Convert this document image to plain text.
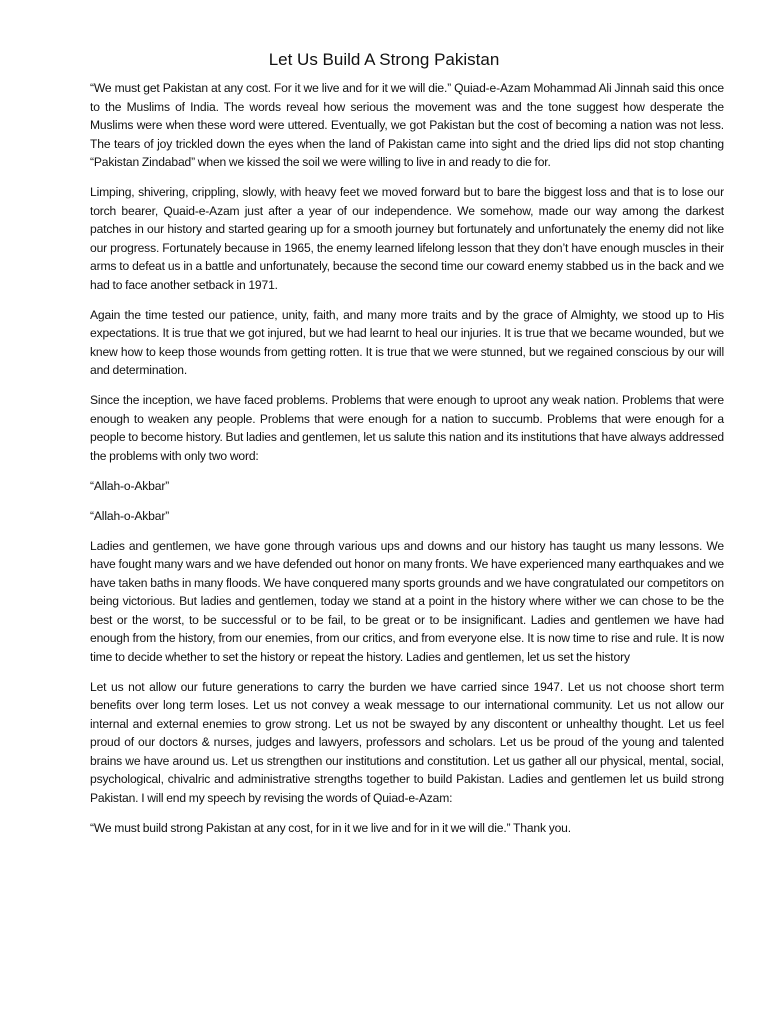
Let Us Build A Strong Pakistan

“We must get Pakistan at any cost. For it we live and for it we will die.” Quiad-e-Azam Mohammad Ali Jinnah said this once to the Muslims of India. The words reveal how serious the movement was and the tone suggest how desperate the Muslims were when these word were uttered. Eventually, we got Pakistan but the cost of becoming a nation was not less. The tears of joy trickled down the eyes when the land of Pakistan came into sight and the dried lips did not stop chanting “Pakistan Zindabad” when we kissed the soil we were willing to live in and ready to die for.

Limping, shivering, crippling, slowly, with heavy feet we moved forward but to bare the biggest loss and that is to lose our torch bearer, Quaid-e-Azam just after a year of our independence. We somehow, made our way among the darkest patches in our history and started gearing up for a smooth journey but fortunately and unfortunately the enemy did not like our progress. Fortunately because in 1965, the enemy learned lifelong lesson that they don’t have enough muscles in their arms to defeat us in a battle and unfortunately, because the second time our coward enemy stabbed us in the back and we had to face another setback in 1971.

Again the time tested our patience, unity, faith, and many more traits and by the grace of Almighty, we stood up to His expectations. It is true that we got injured, but we had learnt to heal our injuries. It is true that we became wounded, but we knew how to keep those wounds from getting rotten. It is true that we were stunned, but we regained conscious by our will and determination.

Since the inception, we have faced problems. Problems that were enough to uproot any weak nation. Problems that were enough to weaken any people. Problems that were enough for a nation to succumb. Problems that were enough for a people to become history. But ladies and gentlemen, let us salute this nation and its institutions that have always addressed the problems with only two word:

“Allah-o-Akbar”

“Allah-o-Akbar”

Ladies and gentlemen, we have gone through various ups and downs and our history has taught us many lessons. We have fought many wars and we have defended out honor on many fronts. We have experienced many earthquakes and we have taken baths in many floods. We have conquered many sports grounds and we have congratulated our competitors on being victorious. But ladies and gentlemen, today we stand at a point in the history where wither we can chose to be the best or the worst, to be successful or to be fail, to be great or to be insignificant. Ladies and gentlemen we have had enough from the history, from our enemies, from our critics, and from everyone else. It is now time to rise and rule. It is now time to decide whether to set the history or repeat the history. Ladies and gentlemen, let us set the history

Let us not allow our future generations to carry the burden we have carried since 1947. Let us not choose short term benefits over long term loses. Let us not convey a weak message to our international community. Let us not allow our internal and external enemies to grow strong. Let us not be swayed by any discontent or unhealthy thought. Let us feel proud of our doctors & nurses, judges and lawyers, professors and scholars. Let us be proud of the young and talented brains we have around us. Let us strengthen our institutions and constitution. Let us gather all our physical, mental, social, psychological, chivalric and administrative strengths together to build Pakistan. Ladies and gentlemen let us build strong Pakistan. I will end my speech by revising the words of Quiad-e-Azam:

“We must build strong Pakistan at any cost, for in it we live and for in it we will die.” Thank you.
